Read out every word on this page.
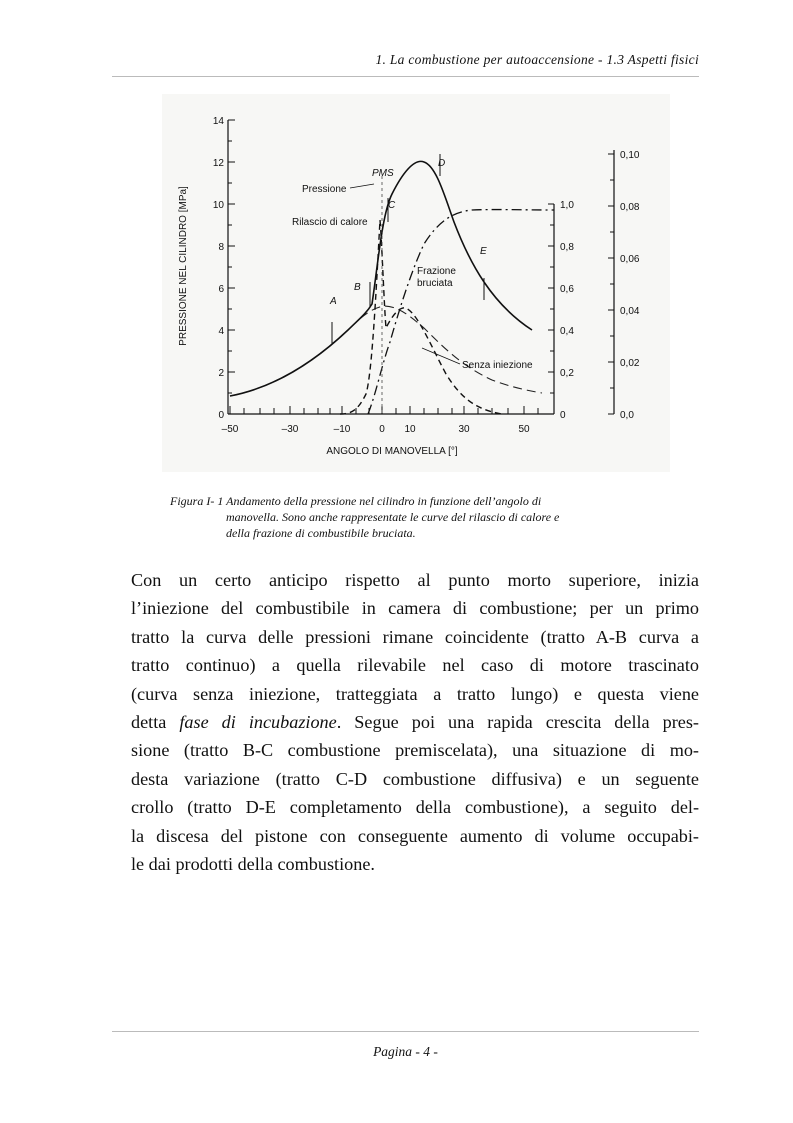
1. La combustione per autoaccensione - 1.3 Aspetti fisici
0
2
4
6
8
10
12
14
–50	–30	–10	0 10	30	50
ANGOLO DI MANOVELLA [°]
0
0,2
0,4
0,6
0,8
1,0
0,0
0,02
0,04
0,06
0,08
0,10
PRESSIONE NEL CILINDRO [MPa]	Pressione
PMS
Rilascio di calore
Frazione
bruciata
Senza iniezione
A
B
C
D
E
Figura I- 1 Andamento della pressione nel cilindro in funzione dell’angolo di
manovella. Sono anche rappresentate le curve del rilascio di calore e
della frazione di combustibile bruciata.
Con un certo anticipo rispetto al punto morto superiore, inizia
l’iniezione del combustibile in camera di combustione; per un primo
tratto la curva delle pressioni rimane coincidente (tratto A-B curva a
tratto continuo) a quella rilevabile nel caso di motore trascinato
(curva senza iniezione, tratteggiata a tratto lungo) e questa viene
detta fase di incubazione. Segue poi una rapida crescita della pres-
sione (tratto B-C combustione premiscelata), una situazione di mo-
desta variazione (tratto C-D combustione diffusiva) e un seguente
crollo (tratto D-E completamento della combustione), a seguito del-
la discesa del pistone con conseguente aumento di volume occupabi-
le dai prodotti della combustione.
Pagina - 4 -
